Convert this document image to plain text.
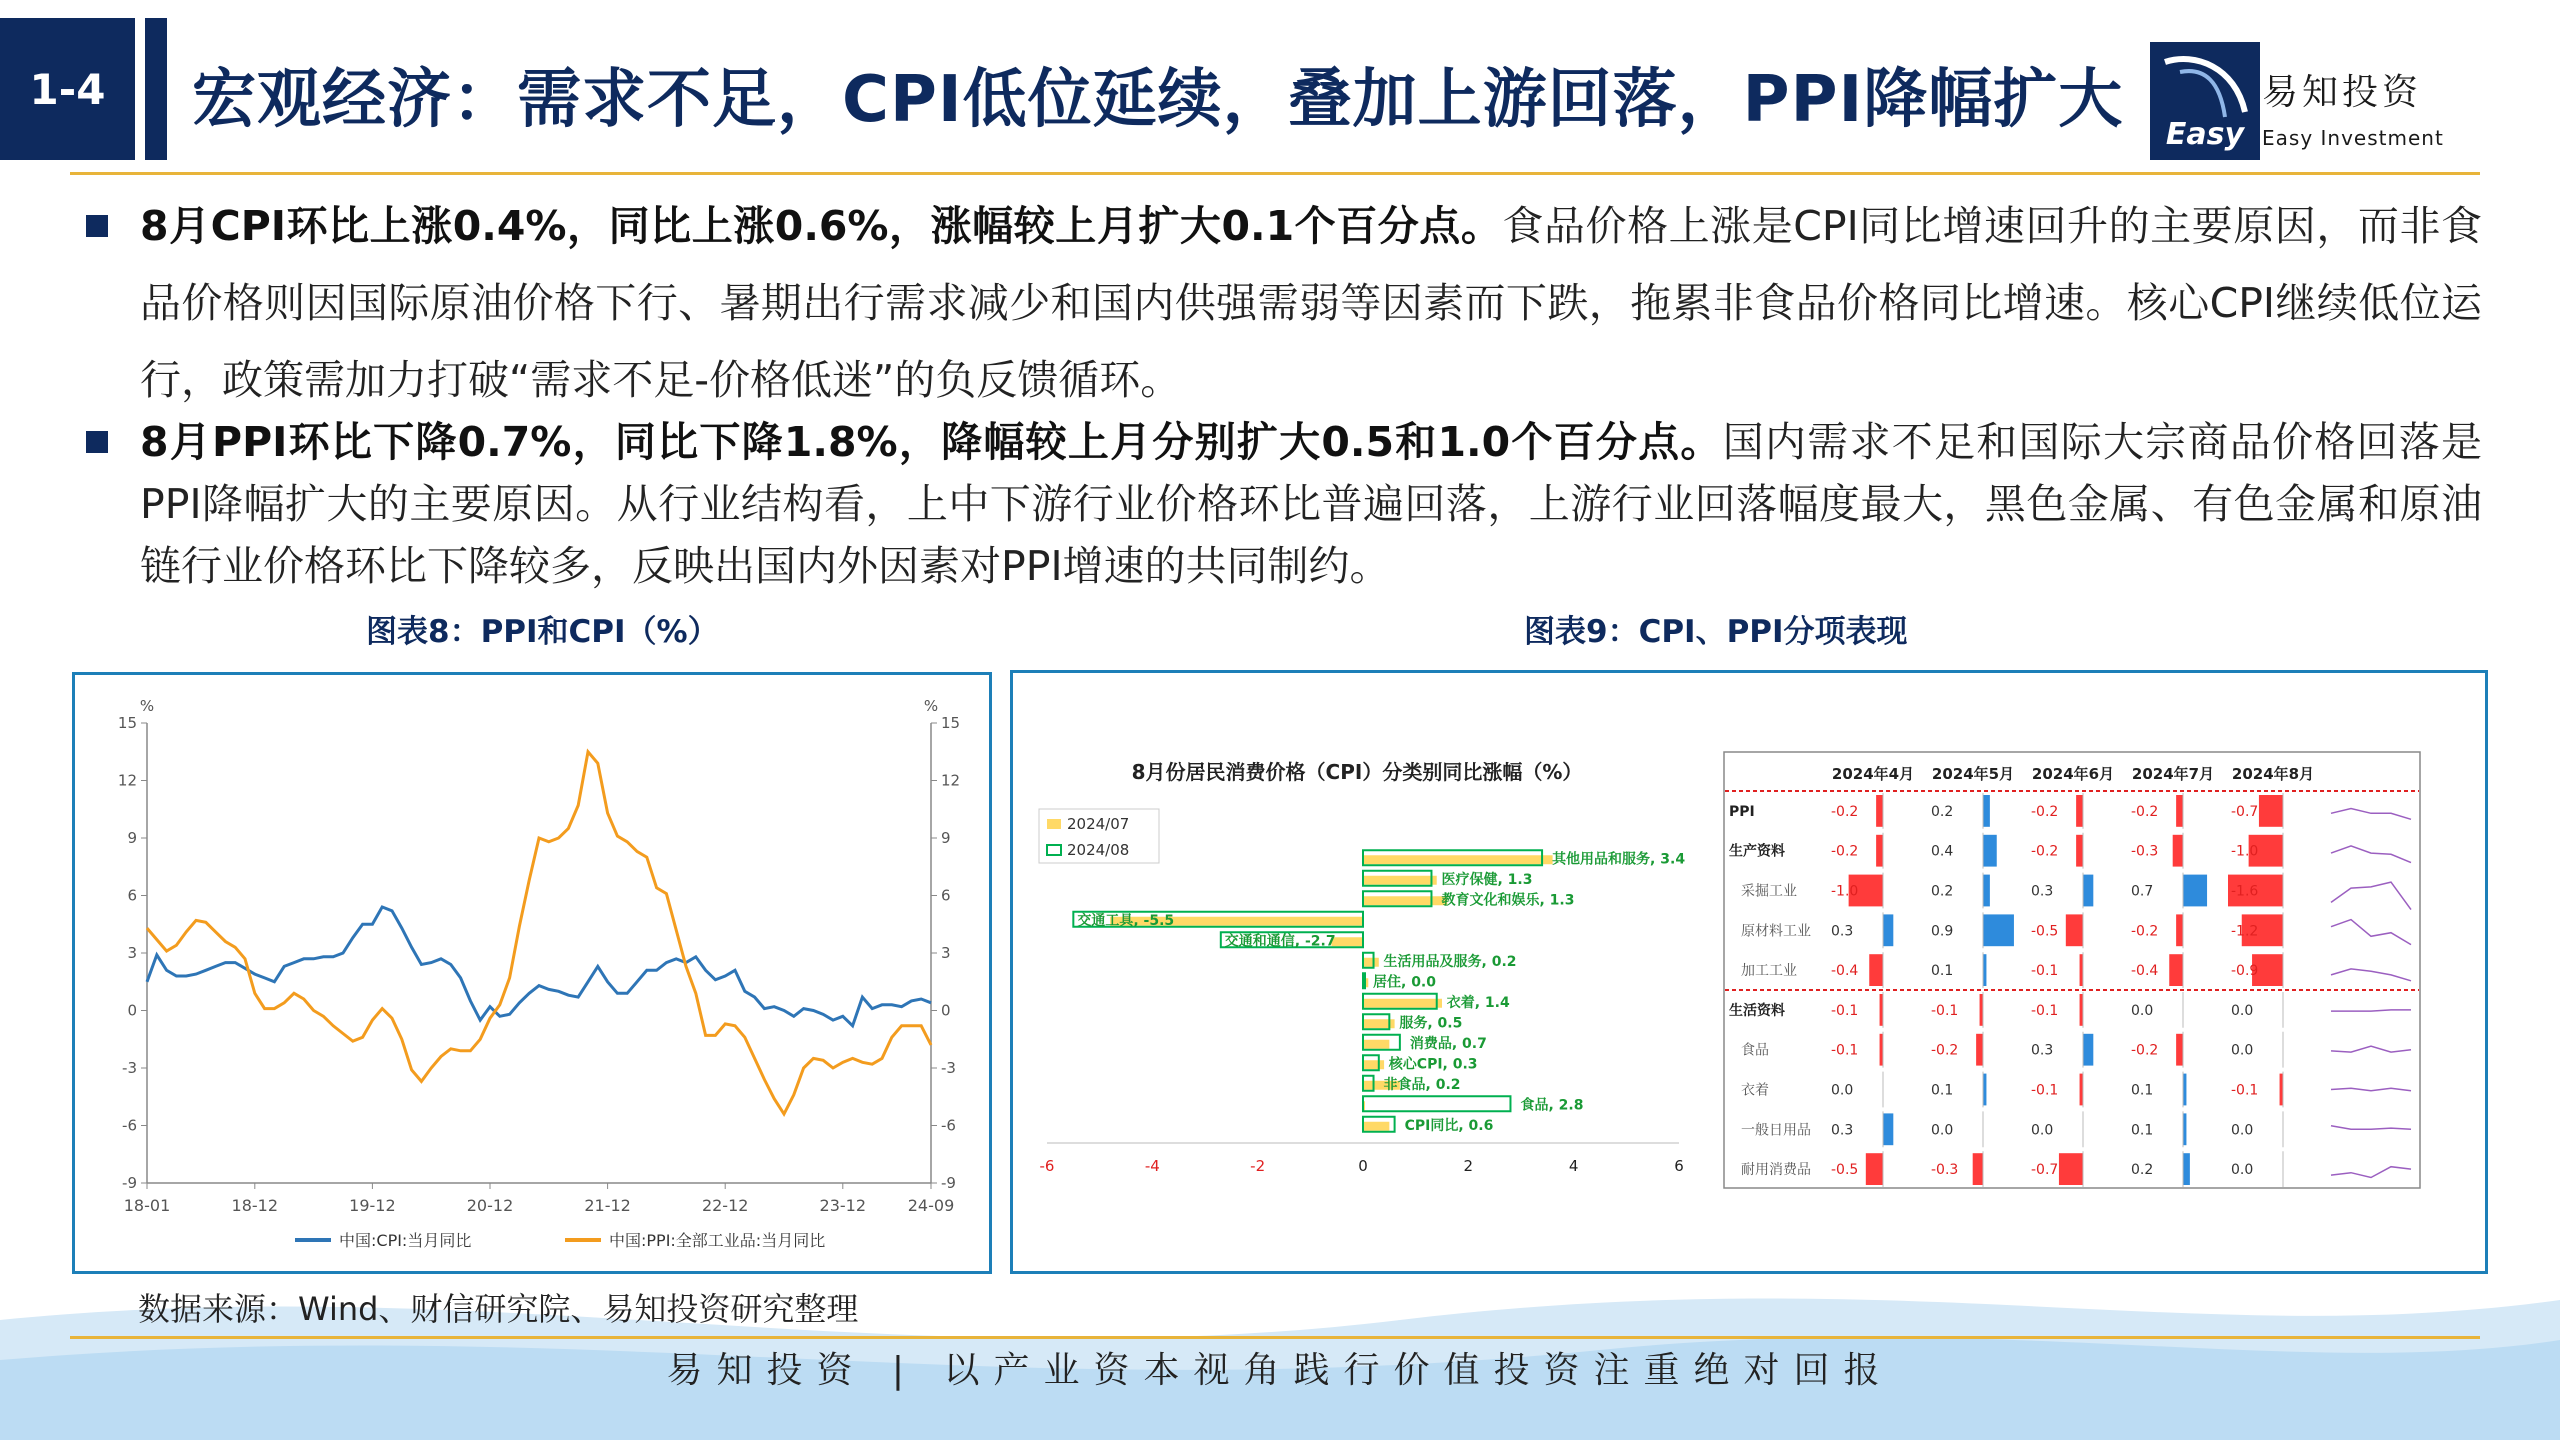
1-4	宏观经济：需求不足，CPI低位延续，叠加上游回落，PPI降幅扩大 Easy
易知投资
Easy Investment
8月CPI环比上涨0.4%，同比上涨0.6%，涨幅较上月扩大0.1个百分点。食品价格上涨是CPI同比增速回升的主要原因，而非食品价格则因国际原油价格下行、暑期出行需求减少和国内供强需弱等因素而下跌，拖累非食品价格同比增速。核心CPI继续低位运行，政策需加力打破“需求不足-价格低迷”的负反馈循环。
8月PPI环比下降0.7%，同比下降1.8%，降幅较上月分别扩大0.5和1.0个百分点。国内需求不足和国际大宗商品价格回落是PPI降幅扩大的主要原因。从行业结构看，上中下游行业价格环比普遍回落，上游行业回落幅度最大，黑色金属、有色金属和原油链行业价格环比下降较多，反映出国内外因素对PPI增速的共同制约。
图表8：PPI和CPI（%）	图表9：CPI、PPI分项表现
%	%
-9	-9
-6	-6
-3	-3
0	0
3	3
6	6
9	9
12	12
15	15
18-01	18-12	19-12	20-12	21-12	22-12	23-12	24-09
中国:CPI:当月同比	中国:PPI:全部工业品:当月同比
8月份居民消费价格（CPI）分类别同比涨幅（%）
2024/07
2024/08
其他用品和服务, 3.4
医疗保健, 1.3
教育文化和娱乐, 1.3
交通工具, -5.5
交通和通信, -2.7
生活用品及服务, 0.2
居住, 0.0
衣着, 1.4
服务, 0.5
消费品, 0.7
核心CPI, 0.3
非食品, 0.2
食品, 2.8
CPI同比, 0.6
-6	-4	-2	0	2	4	6
2024年4月 2024年5月 2024年6月 2024年7月 2024年8月
PPI	-0.2	0.2	-0.2	-0.2	-0.7
生产资料	-0.2	0.4	-0.2	-0.3	-1.0
采掘工业 -1.0	0.2	0.3	0.7	-1.6
原材料工业 0.3	0.9	-0.5	-0.2	-1.2
加工工业 -0.4	0.1	-0.1	-0.4	-0.9
生活资料	-0.1	-0.1	-0.1	0.0	0.0
食品	-0.1	-0.2	0.3	-0.2	0.0
衣着	0.0	0.1	-0.1	0.1	-0.1
一般日用品 0.3	0.0	0.0	0.1	0.0
耐用消费品 -0.5	-0.3	-0.7	0.2	0.0
数据来源：Wind、财信研究院、易知投资研究整理
易知投资 | 以产业资本视角践行价值投资注重绝对回报
